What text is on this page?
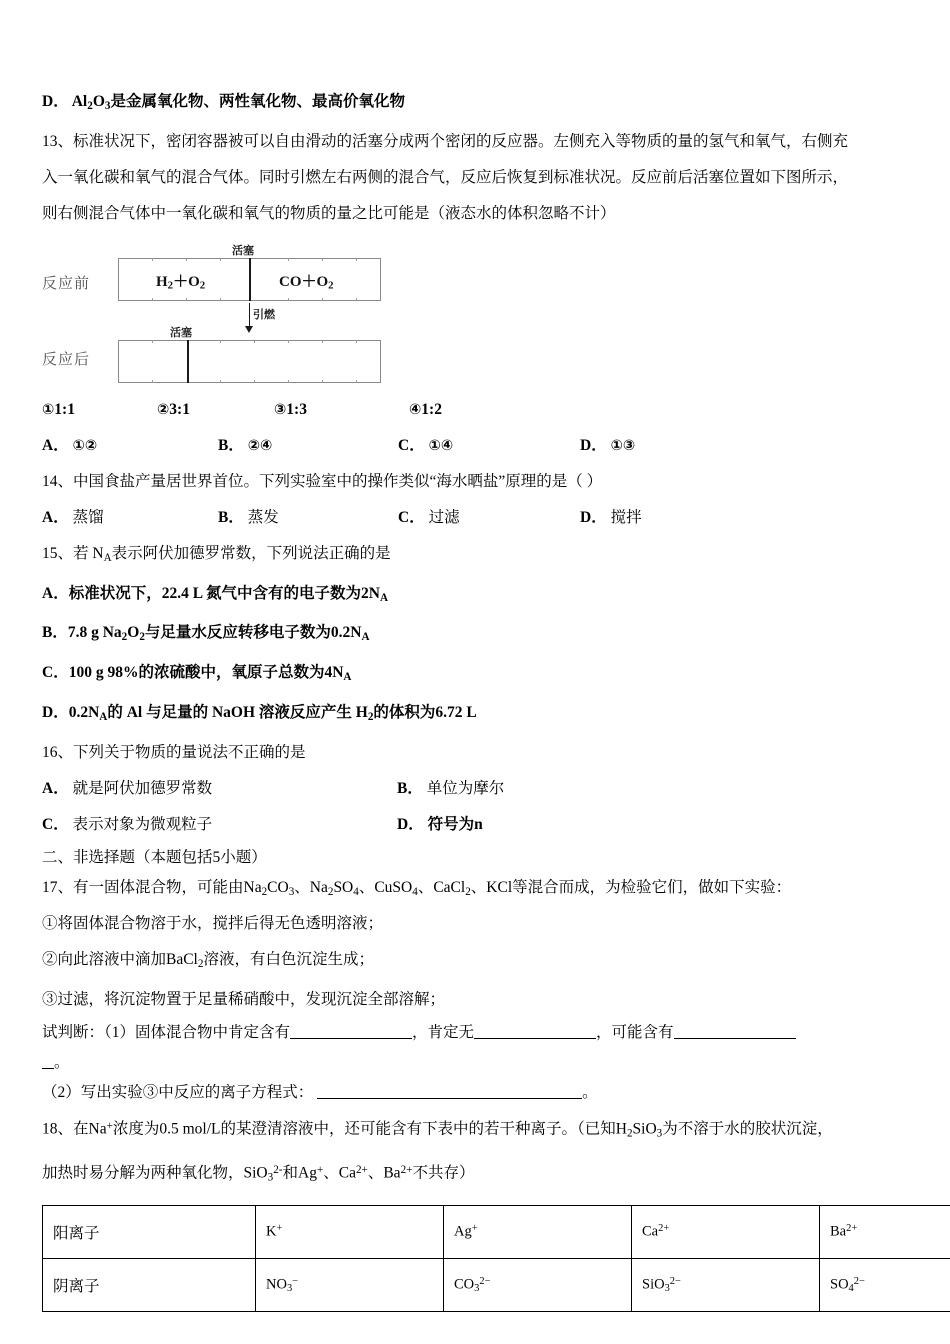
D． $Al_2O_3$是金属氧化物、两性氧化物、最高价氧化物
13、标准状况下，密闭容器被可以自由滑动的活塞分成两个密闭的反应器。左侧充入等物质的量的氢气和氧气，右侧充
入一氧化碳和氧气的混合气体。同时引燃左右两侧的混合气，反应后恢复到标准状况。反应前后活塞位置如下图所示，
则右侧混合气体中一氧化碳和氧气的物质的量之比可能是（液态水的体积忽略不计）
反应前
反应后
活塞
$H_2+O_2$	$CO+O_2$
引燃
活塞
①1:1	②3:1	③1:3	④1:2
A． ①②	B． ②④	C． ①④	D． ①③
14、中国食盐产量居世界首位。下列实验室中的操作类似“海水晒盐”原理的是（ ）
A． 蒸馏	B． 蒸发	C． 过滤	D． 搅拌
15、若 $N_A$表示阿伏加德罗常数，下列说法正确的是
A．标准状况下，22.4 L 氮气中含有的电子数为$2N_A$
B．7.8 g $Na_2O_2$与足量水反应转移电子数为$0.2N_A$
C．100 g 98%的浓硫酸中，氧原子总数为$4N_A$
D．$0.2N_A$的 Al 与足量的 NaOH 溶液反应产生 $H_2$的体积为6.72 L
16、下列关于物质的量说法不正确的是
A． 就是阿伏加德罗常数	B． 单位为摩尔
C． 表示对象为微观粒子	D． 符号为n
二、非选择题（本题包括5小题）
17、有一固体混合物，可能由$Na_2CO_3$、$Na_2SO_4$、CuSO$_4$、CaCl$_2$、KCl等混合而成，为检验它们，做如下实验：
①将固体混合物溶于水，搅拌后得无色透明溶液；
②向此溶液中滴加BaCl$_2$溶液，有白色沉淀生成；
③过滤，将沉淀物置于足量稀硝酸中，发现沉淀全部溶解；
试判断：（1）固体混合物中肯定含有	，肯定无	，可能含有
。
（2）写出实验③中反应的离子方程式：	。
18、在Na+浓度为0.5 mol/L的某澄清溶液中，还可能含有下表中的若干种离子。（已知$H_2SiO_3$为不溶于水的胶状沉淀，
加热时易分解为两种氧化物，SiO$_3^{2-}$和Ag+、$Ca^{2+}$、$Ba^{2+}$不共存）
阳离子	K+	Ag+	$Ca^{2+}$	$Ba^{2+}$
阴离子	$NO_3^-$	$CO_3^{2-}$	SiO$_3^{2-}$	$SO_4^{2-}$
